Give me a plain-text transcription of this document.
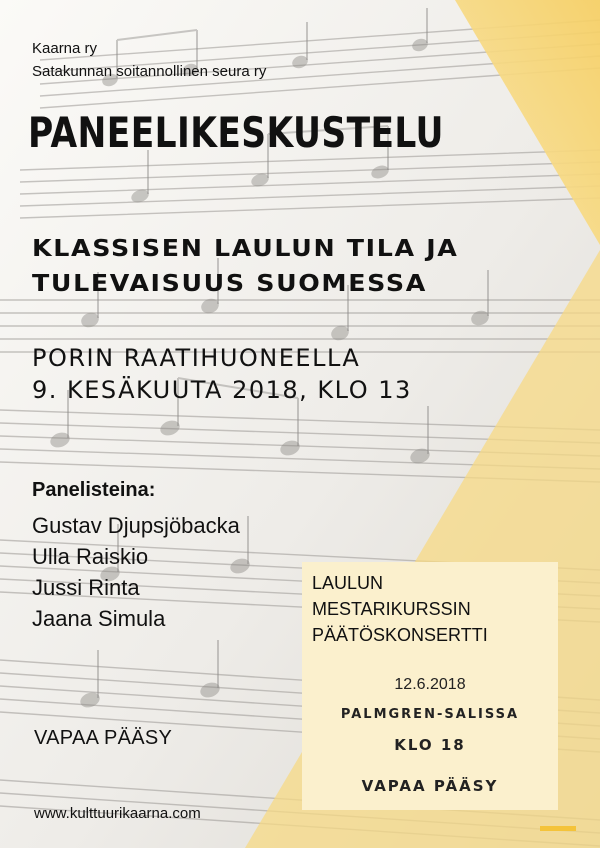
Kaarna ry
Satakunnan soitannollinen seura ry
PANEELIKESKUSTELU
KLASSISEN LAULUN TILA JA
TULEVAISUUS SUOMESSA
PORIN RAATIHUONEELLA
9. KESÄKUUTA 2018, KLO 13
Panelisteina:
Gustav Djupsjöbacka
Ulla Raiskio
Jussi Rinta
Jaana Simula
VAPAA PÄÄSY
www.kulttuurikaarna.com
LAULUN
MESTARIKURSSIN
PÄÄTÖSKONSERTTI
12.6.2018
PALMGREN-SALISSA
KLO 18
VAPAA PÄÄSY
